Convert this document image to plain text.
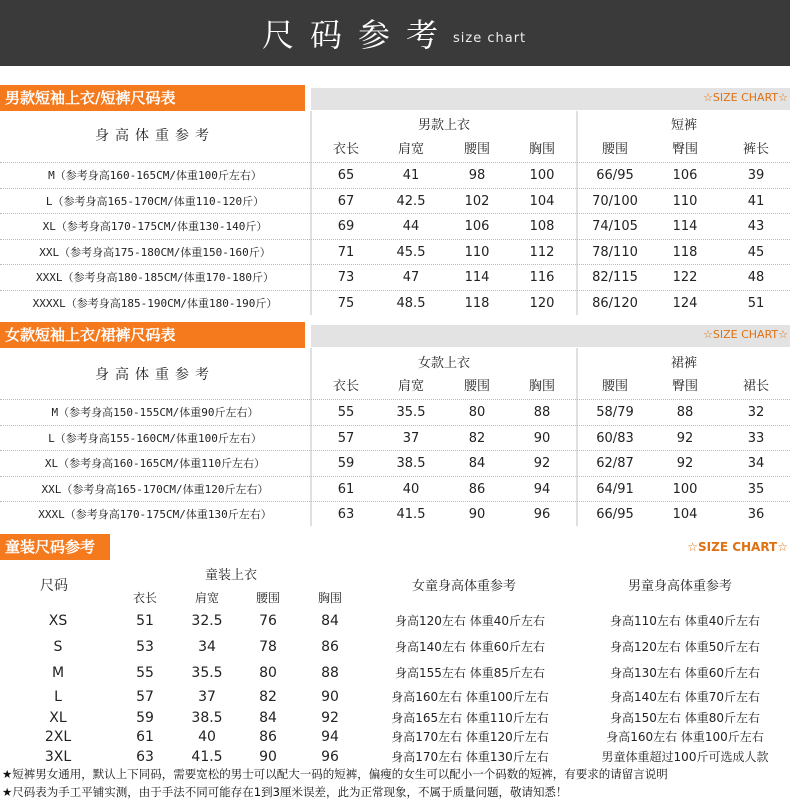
尺码参考
size chart
男款短袖上衣/短裤尺码表	☆SIZE CHART☆
身高体重参考
男款上衣	短裤
衣长	肩宽	腰围	胸围	腰围	臀围	裤长
M（参考身高160-165CM/体重100斤左右）	65	41	98	100	66/95	106	39
L（参考身高165-170CM/体重110-120斤）	67	42.5	102	104	70/100	110	41
XL（参考身高170-175CM/体重130-140斤）	69	44	106	108	74/105	114	43
XXL（参考身高175-180CM/体重150-160斤）	71	45.5	110	112	78/110	118	45
XXXL（参考身高180-185CM/体重170-180斤）	73	47	114	116	82/115	122	48
XXXXL（参考身高185-190CM/体重180-190斤）	75	48.5	118	120	86/120	124	51
女款短袖上衣/裙裤尺码表	☆SIZE CHART☆
身高体重参考
女款上衣	裙裤
衣长	肩宽	腰围	胸围	腰围	臀围	裙长
M（参考身高150-155CM/体重90斤左右）	55	35.5	80	88	58/79	88	32
L（参考身高155-160CM/体重100斤左右）	57	37	82	90	60/83	92	33
XL（参考身高160-165CM/体重110斤左右）	59	38.5	84	92	62/87	92	34
XXL（参考身高165-170CM/体重120斤左右）	61	40	86	94	64/91	100	35
XXXL（参考身高170-175CM/体重130斤左右）	63	41.5	90	96	66/95	104	36
童装尺码参考	☆SIZE CHART☆
尺码
童装上衣
女童身高体重参考	男童身高体重参考
衣长	肩宽	腰围	胸围
XS	51	32.5	76	84	身高120左右 体重40斤左右	身高110左右 体重40斤左右
S	53	34	78	86	身高140左右 体重60斤左右	身高120左右 体重50斤左右
M	55	35.5	80	88	身高155左右 体重85斤左右	身高130左右 体重60斤左右
L	57	37	82	90	身高160左右 体重100斤左右	身高140左右 体重70斤左右
XL	59	38.5	84	92	身高165左右 体重110斤左右	身高150左右 体重80斤左右
2XL	61	40	86	94	身高170左右 体重120斤左右	身高160左右 体重100斤左右
3XL	63	41.5	90	96	身高170左右 体重130斤左右	男童体重超过100斤可选成人款
★短裤男女通用，默认上下同码，需要宽松的男士可以配大一码的短裤，偏瘦的女生可以配小一个码数的短裤，有要求的请留言说明
★尺码表为手工平铺实测，由于手法不同可能存在1到3厘米误差，此为正常现象，不属于质量问题，敬请知悉！
